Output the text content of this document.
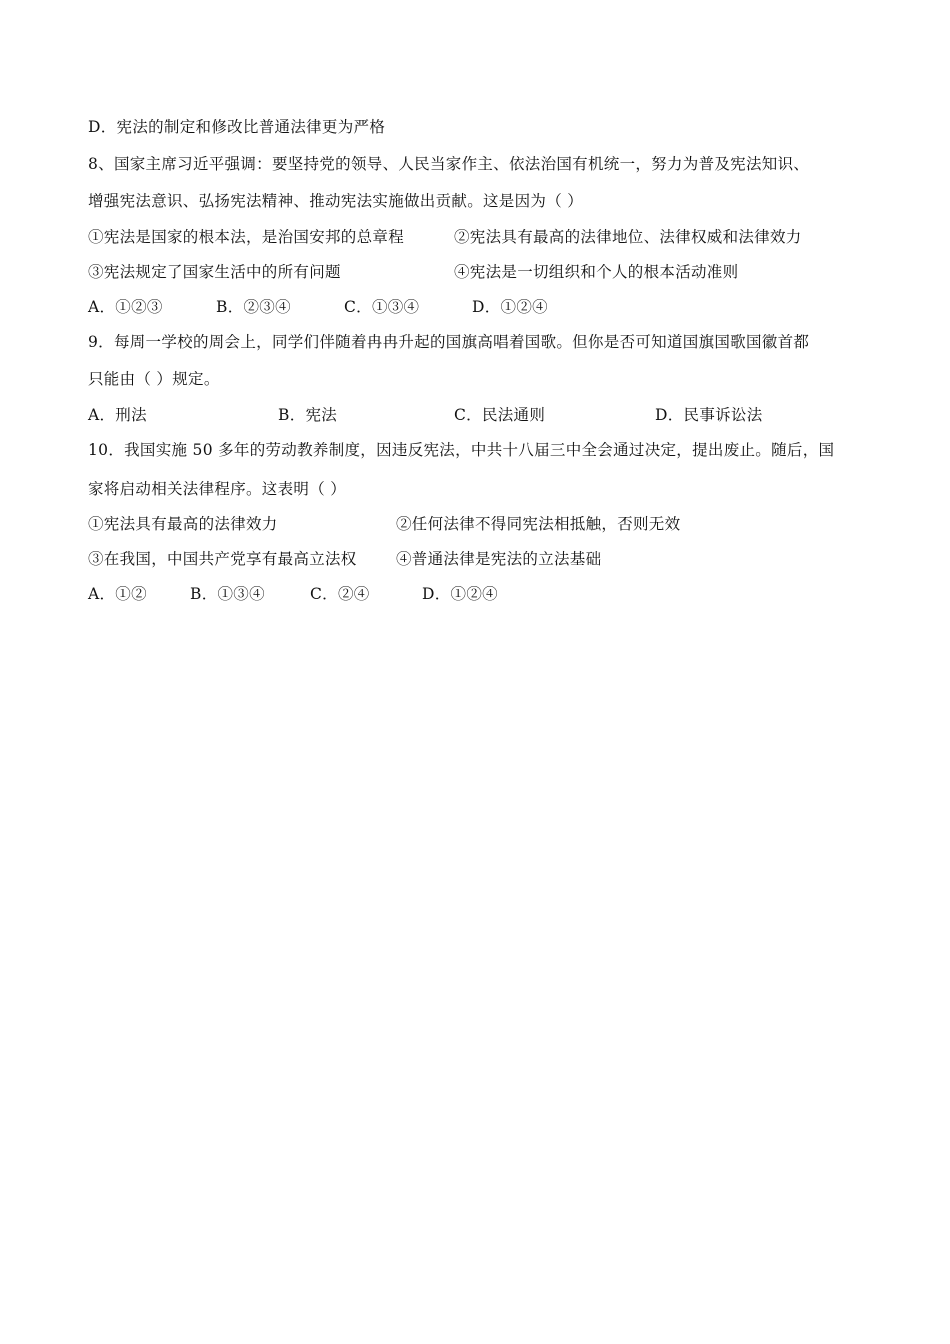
D．宪法的制定和修改比普通法律更为严格
8、国家主席习近平强调：要坚持党的领导、人民当家作主、依法治国有机统一，努力为普及宪法知识、
增强宪法意识、弘扬宪法精神、推动宪法实施做出贡献。这是因为（ ）
①宪法是国家的根本法，是治国安邦的总章程	②宪法具有最高的法律地位、法律权威和法律效力
③宪法规定了国家生活中的所有问题	④宪法是一切组织和个人的根本活动准则
A．①②③	B．②③④	C．①③④	D．①②④
9．每周一学校的周会上，同学们伴随着冉冉升起的国旗高唱着国歌。但你是否可知道国旗国歌国徽首都
只能由（ ）规定。
A．刑法	B．宪法	C．民法通则	D．民事诉讼法
10．我国实施 50 多年的劳动教养制度，因违反宪法，中共十八届三中全会通过决定，提出废止。随后，国
家将启动相关法律程序。这表明（ ）
①宪法具有最高的法律效力	②任何法律不得同宪法相抵触，否则无效
③在我国，中国共产党享有最高立法权	④普通法律是宪法的立法基础
A．①②	B．①③④	C．②④	D．①②④
